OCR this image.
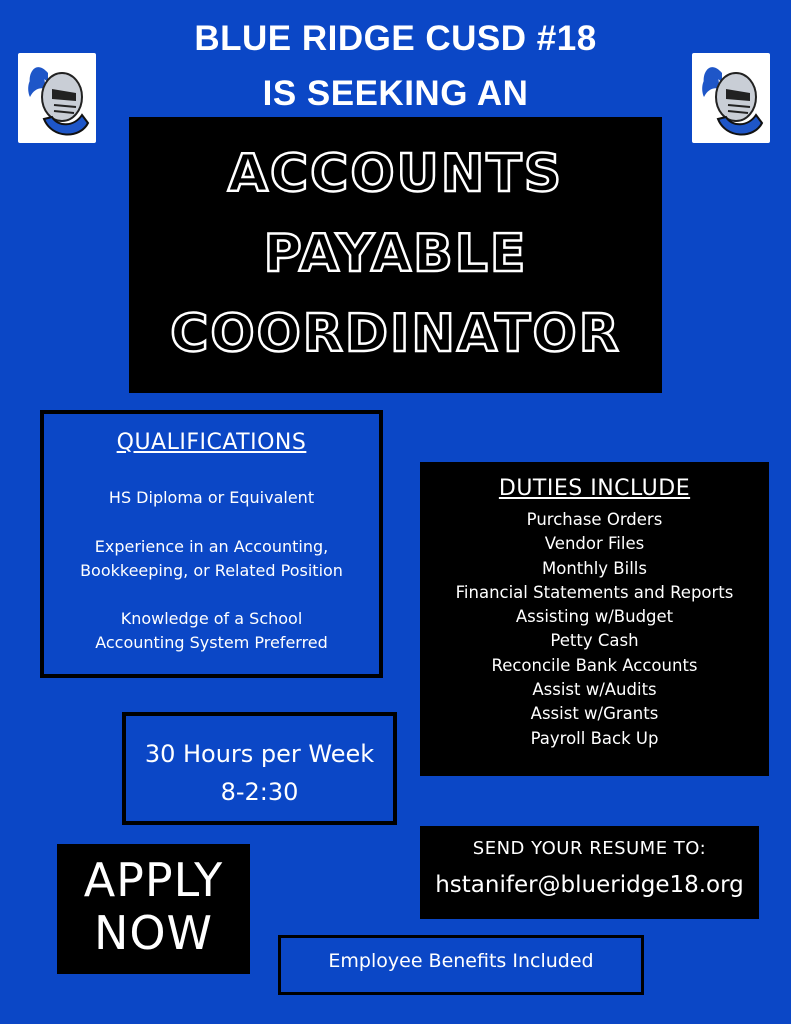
BLUE RIDGE CUSD #18
IS SEEKING AN
ACCOUNTS
PAYABLE
COORDINATOR
QUALIFICATIONS
HS Diploma or Equivalent
Experience in an Accounting,
Bookkeeping, or Related Position
Knowledge of a School
Accounting System Preferred
DUTIES INCLUDE
Purchase Orders
Vendor Files
Monthly Bills
Financial Statements and Reports
Assisting w/Budget
Petty Cash
Reconcile Bank Accounts
Assist w/Audits
Assist w/Grants
Payroll Back Up
30 Hours per Week
8-2:30
APPLY
NOW
SEND YOUR RESUME TO:
hstanifer@blueridge18.org
Employee Benefits Included
